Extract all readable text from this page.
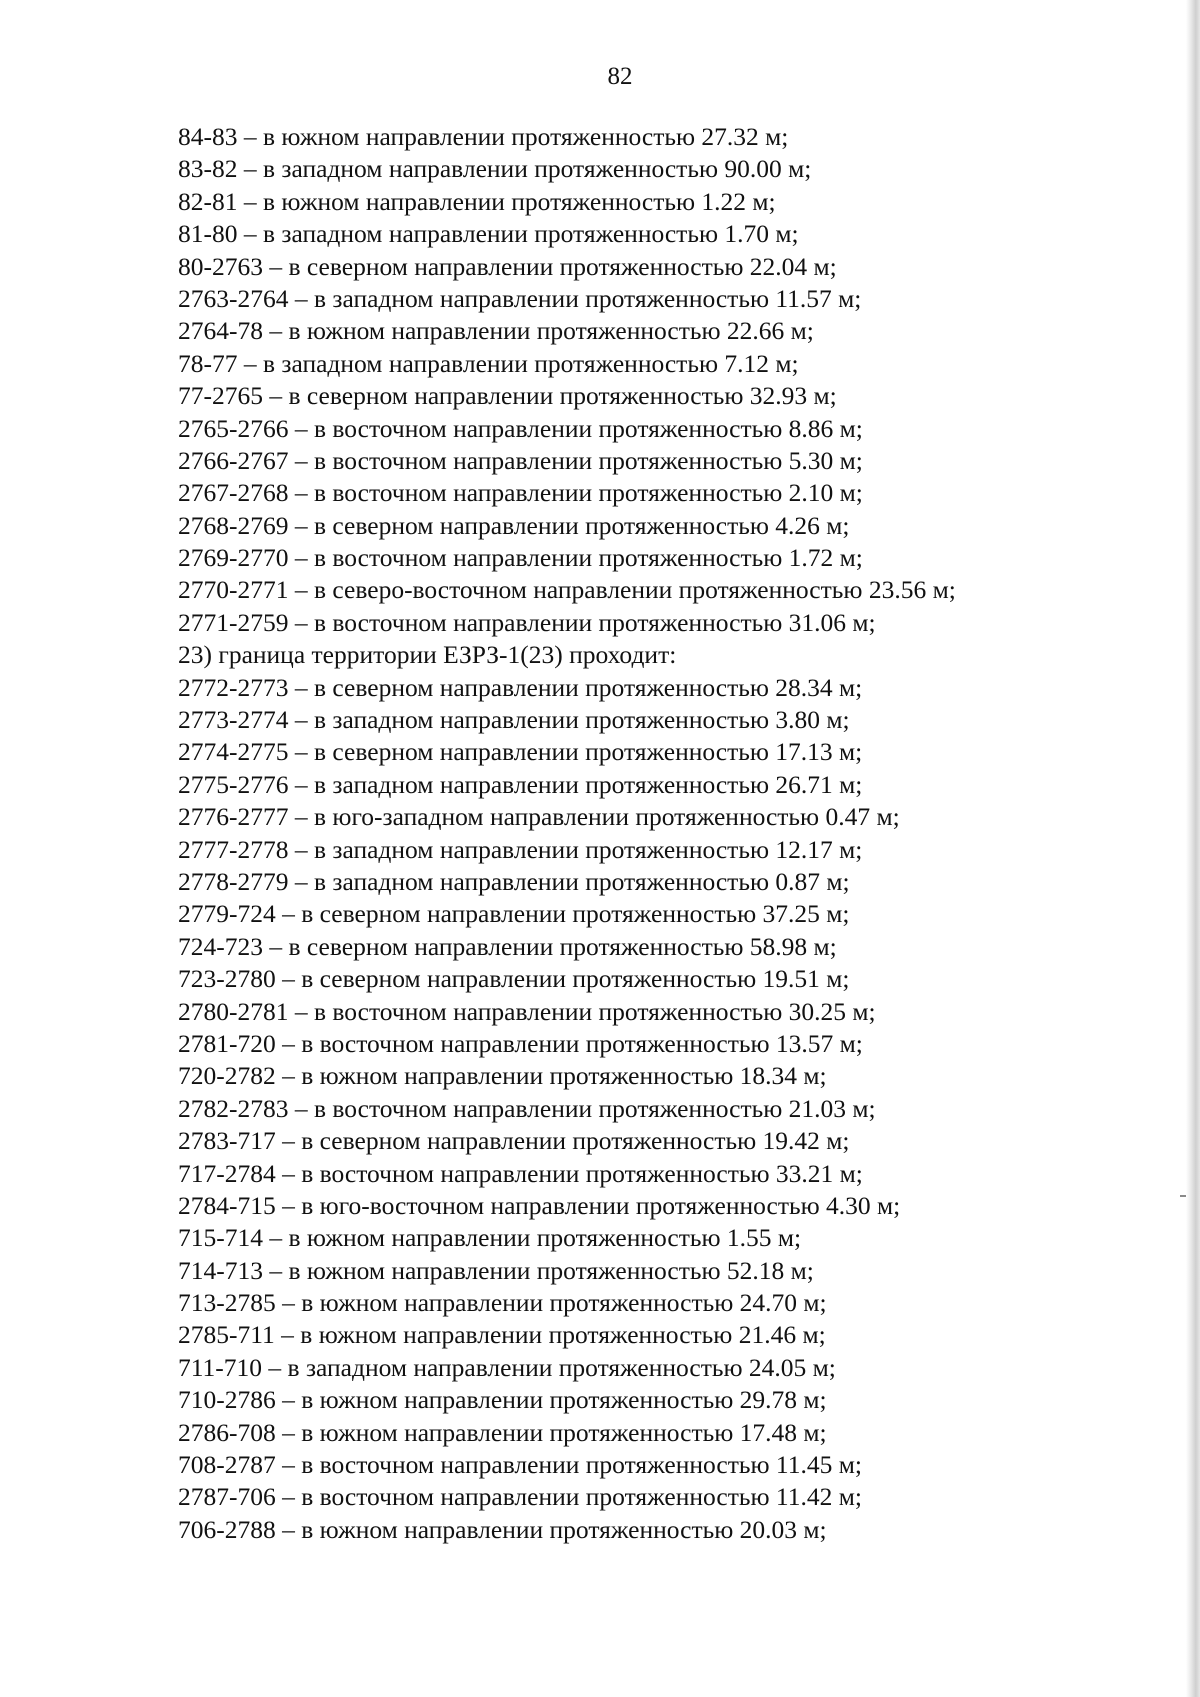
82
84-83 – в южном направлении протяженностью 27.32 м;
83-82 – в западном направлении протяженностью 90.00 м;
82-81 – в южном направлении протяженностью 1.22 м;
81-80 – в западном направлении протяженностью 1.70 м;
80-2763 – в северном направлении протяженностью 22.04 м;
2763-2764 – в западном направлении протяженностью 11.57 м;
2764-78 – в южном направлении протяженностью 22.66 м;
78-77 – в западном направлении протяженностью 7.12 м;
77-2765 – в северном направлении протяженностью 32.93 м;
2765-2766 – в восточном направлении протяженностью 8.86 м;
2766-2767 – в восточном направлении протяженностью 5.30 м;
2767-2768 – в восточном направлении протяженностью 2.10 м;
2768-2769 – в северном направлении протяженностью 4.26 м;
2769-2770 – в восточном направлении протяженностью 1.72 м;
2770-2771 – в северо-восточном направлении протяженностью 23.56 м;
2771-2759 – в восточном направлении протяженностью 31.06 м;
23) граница территории ЕЗРЗ-1(23) проходит:
2772-2773 – в северном направлении протяженностью 28.34 м;
2773-2774 – в западном направлении протяженностью 3.80 м;
2774-2775 – в северном направлении протяженностью 17.13 м;
2775-2776 – в западном направлении протяженностью 26.71 м;
2776-2777 – в юго-западном направлении протяженностью 0.47 м;
2777-2778 – в западном направлении протяженностью 12.17 м;
2778-2779 – в западном направлении протяженностью 0.87 м;
2779-724 – в северном направлении протяженностью 37.25 м;
724-723 – в северном направлении протяженностью 58.98 м;
723-2780 – в северном направлении протяженностью 19.51 м;
2780-2781 – в восточном направлении протяженностью 30.25 м;
2781-720 – в восточном направлении протяженностью 13.57 м;
720-2782 – в южном направлении протяженностью 18.34 м;
2782-2783 – в восточном направлении протяженностью 21.03 м;
2783-717 – в северном направлении протяженностью 19.42 м;
717-2784 – в восточном направлении протяженностью 33.21 м;
2784-715 – в юго-восточном направлении протяженностью 4.30 м;
715-714 – в южном направлении протяженностью 1.55 м;
714-713 – в южном направлении протяженностью 52.18 м;
713-2785 – в южном направлении протяженностью 24.70 м;
2785-711 – в южном направлении протяженностью 21.46 м;
711-710 – в западном направлении протяженностью 24.05 м;
710-2786 – в южном направлении протяженностью 29.78 м;
2786-708 – в южном направлении протяженностью 17.48 м;
708-2787 – в восточном направлении протяженностью 11.45 м;
2787-706 – в восточном направлении протяженностью 11.42 м;
706-2788 – в южном направлении протяженностью 20.03 м;
